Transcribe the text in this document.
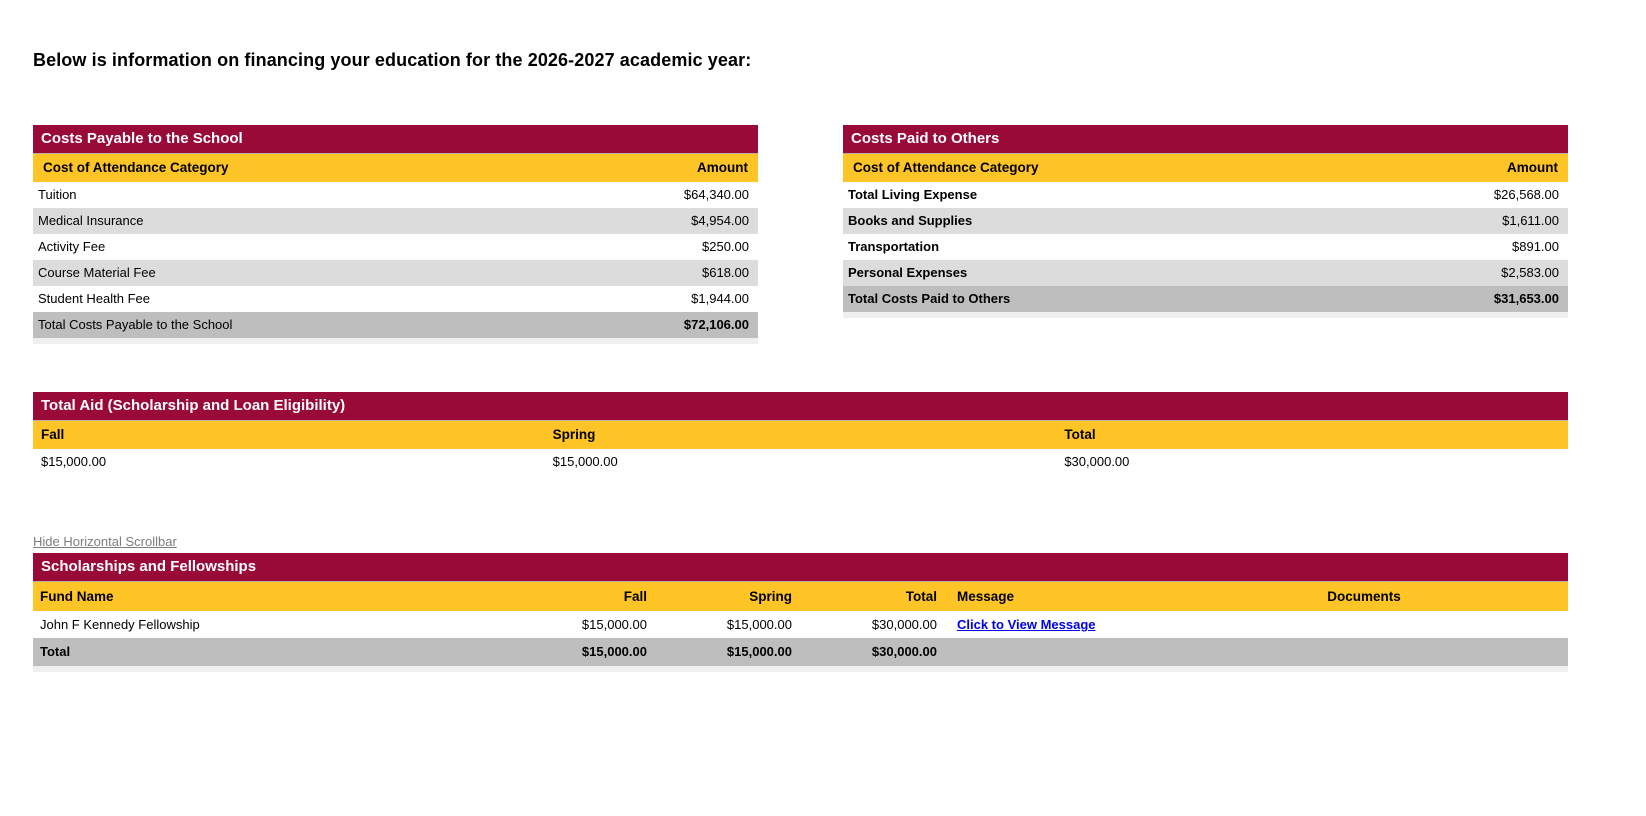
Below is information on financing your education for the 2026-2027 academic year:
Costs Payable to the School
Cost of Attendance Category	Amount
Tuition	$64,340.00
Medical Insurance	$4,954.00
Activity Fee	$250.00
Course Material Fee	$618.00
Student Health Fee	$1,944.00
Total Costs Payable to the School	$72,106.00
Costs Paid to Others
Cost of Attendance Category	Amount
Total Living Expense	$26,568.00
Books and Supplies	$1,611.00
Transportation	$891.00
Personal Expenses	$2,583.00
Total Costs Paid to Others	$31,653.00
Total Aid (Scholarship and Loan Eligibility)
Fall	Spring	Total
$15,000.00	$15,000.00	$30,000.00
Hide Horizontal Scrollbar
Scholarships and Fellowships
Fund Name	Fall	Spring	Total	Message	Documents
John F Kennedy Fellowship	$15,000.00	$15,000.00	$30,000.00	Click to View Message
Total	$15,000.00	$15,000.00	$30,000.00
